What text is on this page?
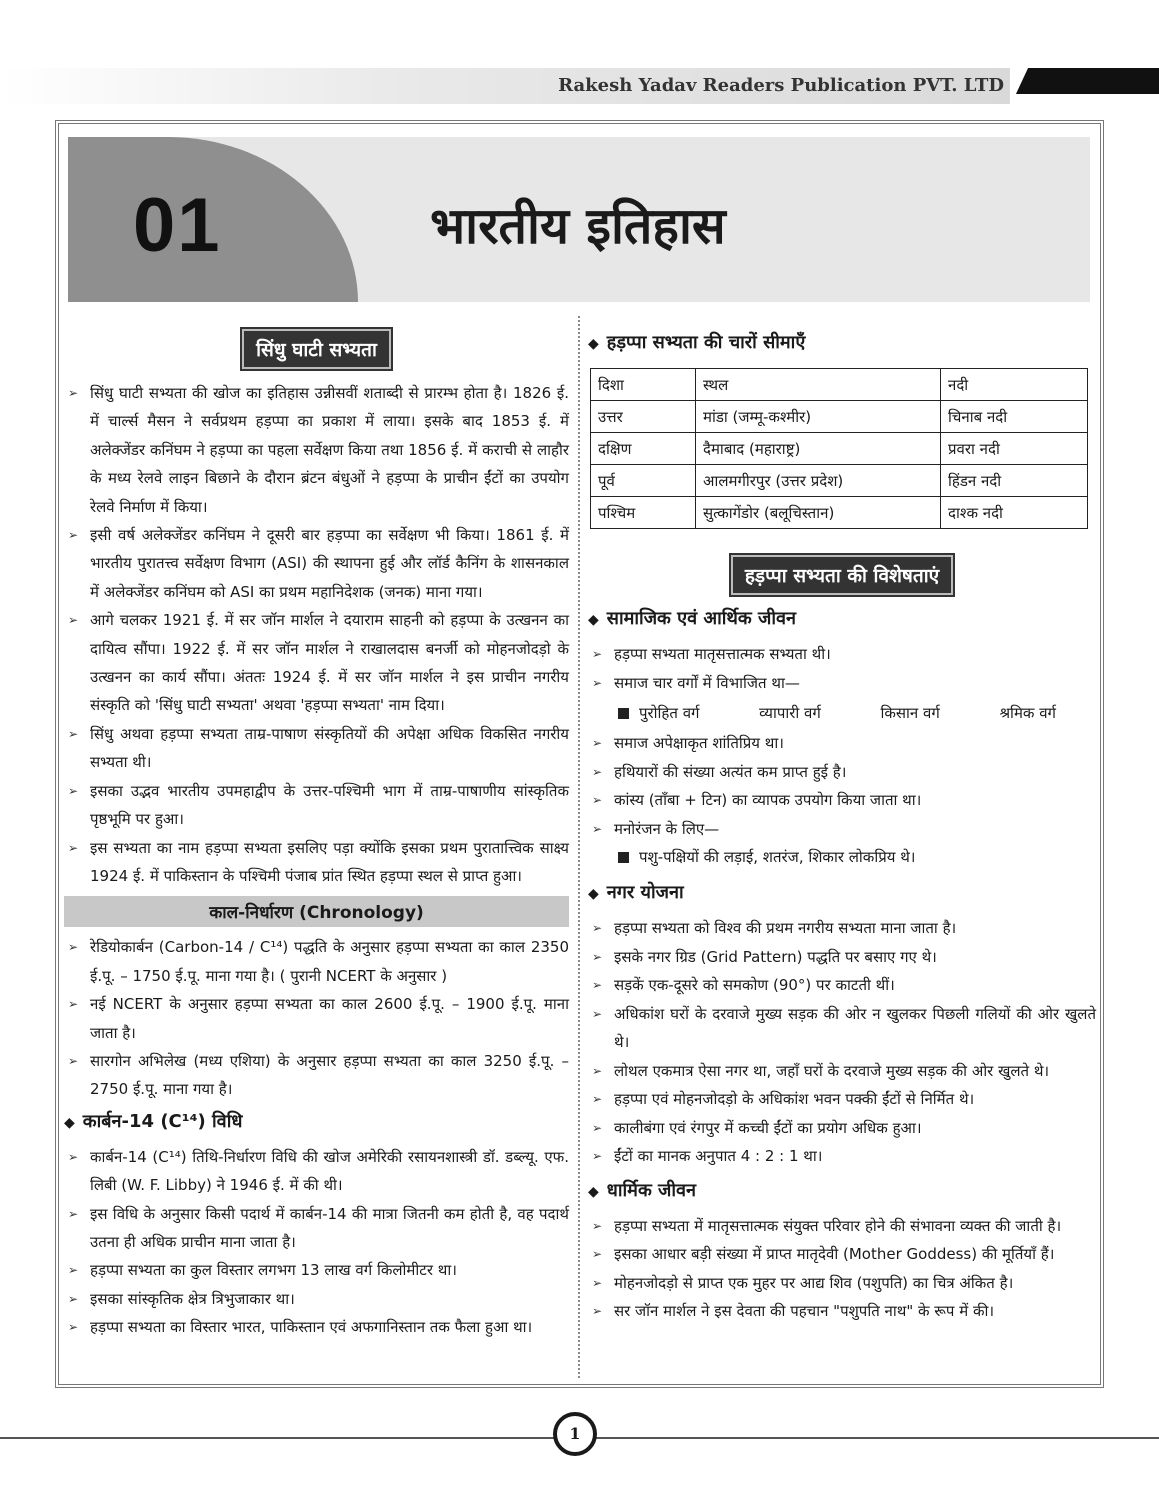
Rakesh Yadav Readers Publication PVT. LTD
01	भारतीय इतिहास
सिंधु घाटी सभ्यता
➢ सिंधु घाटी सभ्यता की खोज का इतिहास उन्नीसवीं शताब्दी से प्रारम्भ होता है। 1826 ई. में चार्ल्स मैसन ने सर्वप्रथम हड़प्पा का प्रकाश में लाया। इसके बाद 1853 ई. में अलेक्जेंडर कनिंघम ने हड़प्पा का पहला सर्वेक्षण किया तथा 1856 ई. में कराची से लाहौर के मध्य रेलवे लाइन बिछाने के दौरान ब्रंटन बंधुओं ने हड़प्पा के प्राचीन ईंटों का उपयोग रेलवे निर्माण में किया।
➢ इसी वर्ष अलेक्जेंडर कनिंघम ने दूसरी बार हड़प्पा का सर्वेक्षण भी किया। 1861 ई. में भारतीय पुरातत्त्व सर्वेक्षण विभाग (ASI) की स्थापना हुई और लॉर्ड कैनिंग के शासनकाल में अलेक्जेंडर कनिंघम को ASI का प्रथम महानिदेशक (जनक) माना गया।
➢ आगे चलकर 1921 ई. में सर जॉन मार्शल ने दयाराम साहनी को हड़प्पा के उत्खनन का दायित्व सौंपा। 1922 ई. में सर जॉन मार्शल ने राखालदास बनर्जी को मोहनजोदड़ो के उत्खनन का कार्य सौंपा। अंततः 1924 ई. में सर जॉन मार्शल ने इस प्राचीन नगरीय संस्कृति को 'सिंधु घाटी सभ्यता' अथवा 'हड़प्पा सभ्यता' नाम दिया।
➢ सिंधु अथवा हड़प्पा सभ्यता ताम्र-पाषाण संस्कृतियों की अपेक्षा अधिक विकसित नगरीय सभ्यता थी।
➢ इसका उद्भव भारतीय उपमहाद्वीप के उत्तर-पश्चिमी भाग में ताम्र-पाषाणीय सांस्कृतिक पृष्ठभूमि पर हुआ।
➢ इस सभ्यता का नाम हड़प्पा सभ्यता इसलिए पड़ा क्योंकि इसका प्रथम पुरातात्त्विक साक्ष्य 1924 ई. में पाकिस्तान के पश्चिमी पंजाब प्रांत स्थित हड़प्पा स्थल से प्राप्त हुआ।
काल-निर्धारण (Chronology)
➢ रेडियोकार्बन (Carbon-14 / C¹⁴) पद्धति के अनुसार हड़प्पा सभ्यता का काल 2350 ई.पू. – 1750 ई.पू. माना गया है। ( पुरानी NCERT के अनुसार )
➢ नई NCERT के अनुसार हड़प्पा सभ्यता का काल 2600 ई.पू. – 1900 ई.पू. माना जाता है।
➢ सारगोन अभिलेख (मध्य एशिया) के अनुसार हड़प्पा सभ्यता का काल 3250 ई.पू. – 2750 ई.पू. माना गया है।
◆ कार्बन-14 (C¹⁴) विधि
➢ कार्बन-14 (C¹⁴) तिथि-निर्धारण विधि की खोज अमेरिकी रसायनशास्त्री डॉ. डब्ल्यू. एफ. लिबी (W. F. Libby) ने 1946 ई. में की थी।
➢ इस विधि के अनुसार किसी पदार्थ में कार्बन-14 की मात्रा जितनी कम होती है, वह पदार्थ उतना ही अधिक प्राचीन माना जाता है।
➢ हड़प्पा सभ्यता का कुल विस्तार लगभग 13 लाख वर्ग किलोमीटर था।
➢ इसका सांस्कृतिक क्षेत्र त्रिभुजाकार था।
➢ हड़प्पा सभ्यता का विस्तार भारत, पाकिस्तान एवं अफगानिस्तान तक फैला हुआ था।
◆ हड़प्पा सभ्यता की चारों सीमाएँ
दिशा	स्थल	नदी
उत्तर	मांडा (जम्मू-कश्मीर)	चिनाब नदी
दक्षिण	दैमाबाद (महाराष्ट्र)	प्रवरा नदी
पूर्व	आलमगीरपुर (उत्तर प्रदेश)	हिंडन नदी
पश्चिम	सुत्कागेंडोर (बलूचिस्तान)	दाश्क नदी
हड़प्पा सभ्यता की विशेषताएं
◆ सामाजिक एवं आर्थिक जीवन
➢ हड़प्पा सभ्यता मातृसत्तात्मक सभ्यता थी।
➢ समाज चार वर्गों में विभाजित था—
पुरोहित वर्ग	व्यापारी वर्ग	किसान वर्ग	श्रमिक वर्ग
➢ समाज अपेक्षाकृत शांतिप्रिय था।
➢ हथियारों की संख्या अत्यंत कम प्राप्त हुई है।
➢ कांस्य (ताँबा + टिन) का व्यापक उपयोग किया जाता था।
➢ मनोरंजन के लिए—
पशु-पक्षियों की लड़ाई, शतरंज, शिकार लोकप्रिय थे।
◆ नगर योजना
➢ हड़प्पा सभ्यता को विश्व की प्रथम नगरीय सभ्यता माना जाता है।
➢ इसके नगर ग्रिड (Grid Pattern) पद्धति पर बसाए गए थे।
➢ सड़कें एक-दूसरे को समकोण (90°) पर काटती थीं।
➢ अधिकांश घरों के दरवाजे मुख्य सड़क की ओर न खुलकर पिछली गलियों की ओर खुलते थे।
➢ लोथल एकमात्र ऐसा नगर था, जहाँ घरों के दरवाजे मुख्य सड़क की ओर खुलते थे।
➢ हड़प्पा एवं मोहनजोदड़ो के अधिकांश भवन पक्की ईंटों से निर्मित थे।
➢ कालीबंगा एवं रंगपुर में कच्ची ईंटों का प्रयोग अधिक हुआ।
➢ ईंटों का मानक अनुपात 4 : 2 : 1 था।
◆ धार्मिक जीवन
➢ हड़प्पा सभ्यता में मातृसत्तात्मक संयुक्त परिवार होने की संभावना व्यक्त की जाती है।
➢ इसका आधार बड़ी संख्या में प्राप्त मातृदेवी (Mother Goddess) की मूर्तियाँ हैं।
➢ मोहनजोदड़ो से प्राप्त एक मुहर पर आद्य शिव (पशुपति) का चित्र अंकित है।
➢ सर जॉन मार्शल ने इस देवता की पहचान "पशुपति नाथ" के रूप में की।
1
